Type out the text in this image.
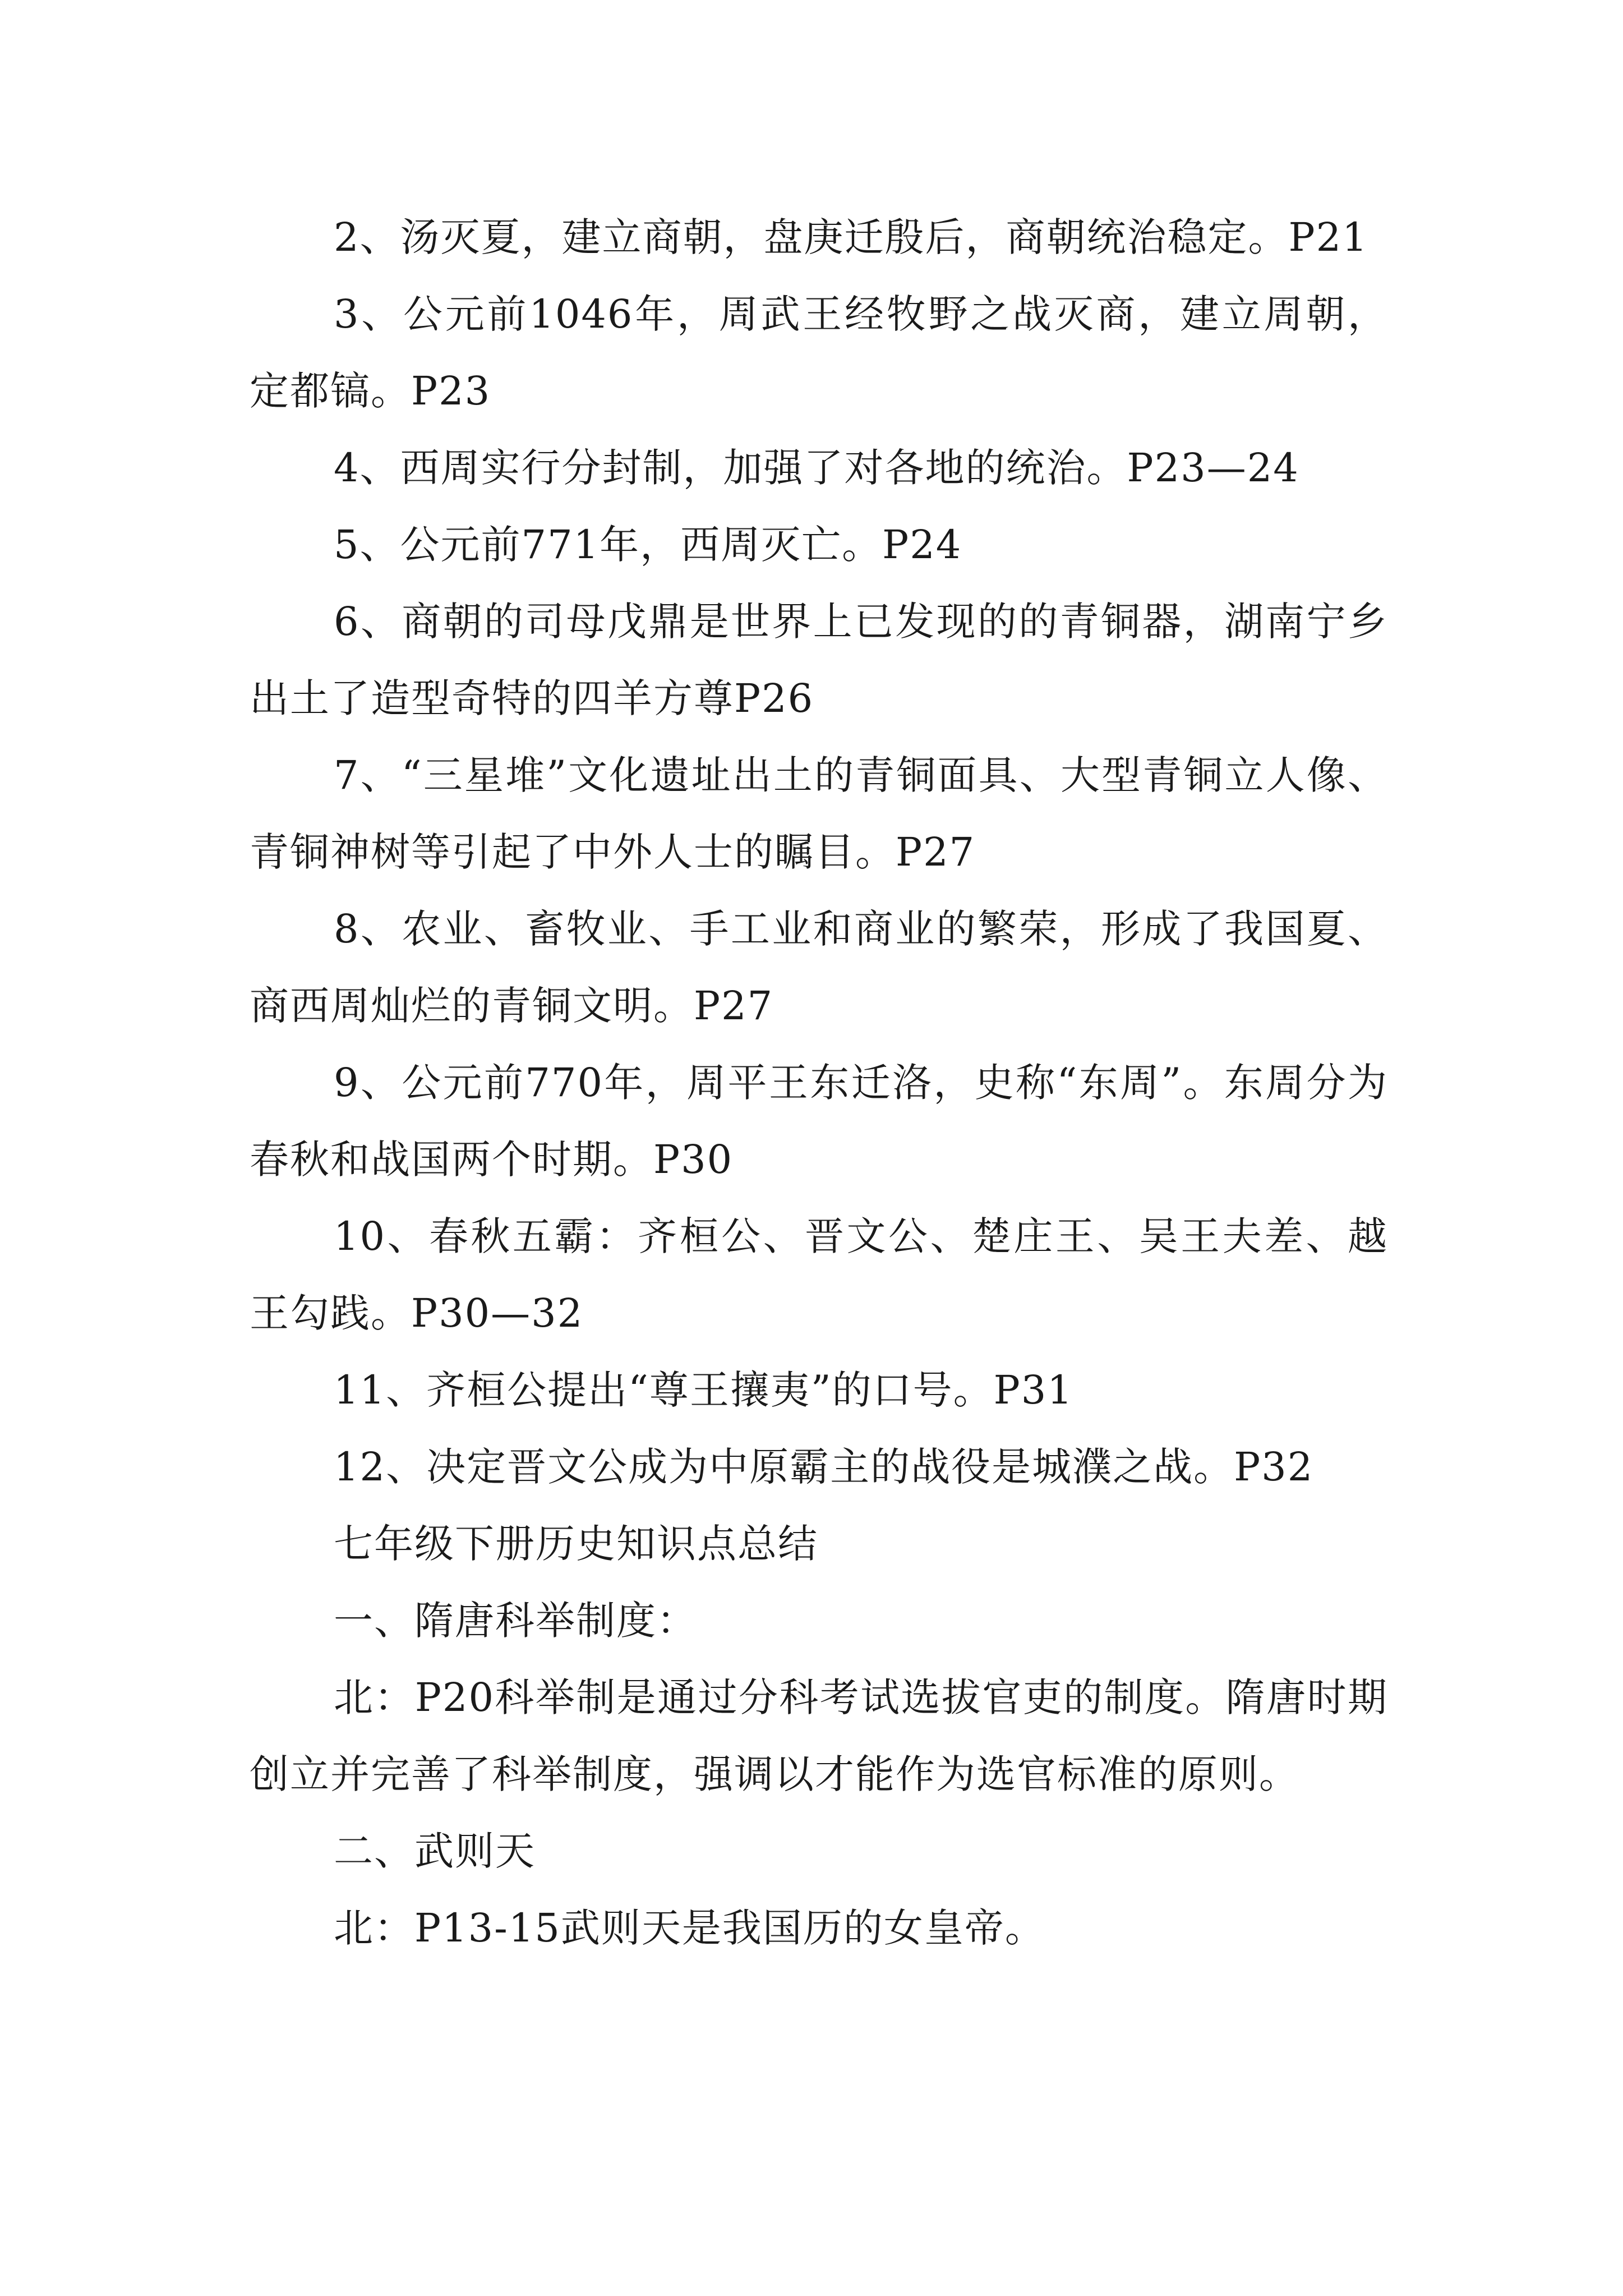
2、汤灭夏，建立商朝，盘庚迁殷后，商朝统治稳定。P21

3、公元前1046年，周武王经牧野之战灭商，建立周朝，定都镐。P23

4、西周实行分封制，加强了对各地的统治。P23—24

5、公元前771年，西周灭亡。P24

6、商朝的司母戊鼎是世界上已发现的的青铜器，湖南宁乡出土了造型奇特的四羊方尊P26

7、“三星堆”文化遗址出土的青铜面具、大型青铜立人像、青铜神树等引起了中外人士的瞩目。P27

8、农业、畜牧业、手工业和商业的繁荣，形成了我国夏、商西周灿烂的青铜文明。P27

9、公元前770年，周平王东迁洛，史称“东周”。东周分为春秋和战国两个时期。P30

10、春秋五霸：齐桓公、晋文公、楚庄王、吴王夫差、越王勾践。P30—32

11、齐桓公提出“尊王攘夷”的口号。P31

12、决定晋文公成为中原霸主的战役是城濮之战。P32

七年级下册历史知识点总结

一、隋唐科举制度：

北：P20科举制是通过分科考试选拔官吏的制度。隋唐时期创立并完善了科举制度，强调以才能作为选官标准的原则。

二、武则天

北：P13-15武则天是我国历的女皇帝。
